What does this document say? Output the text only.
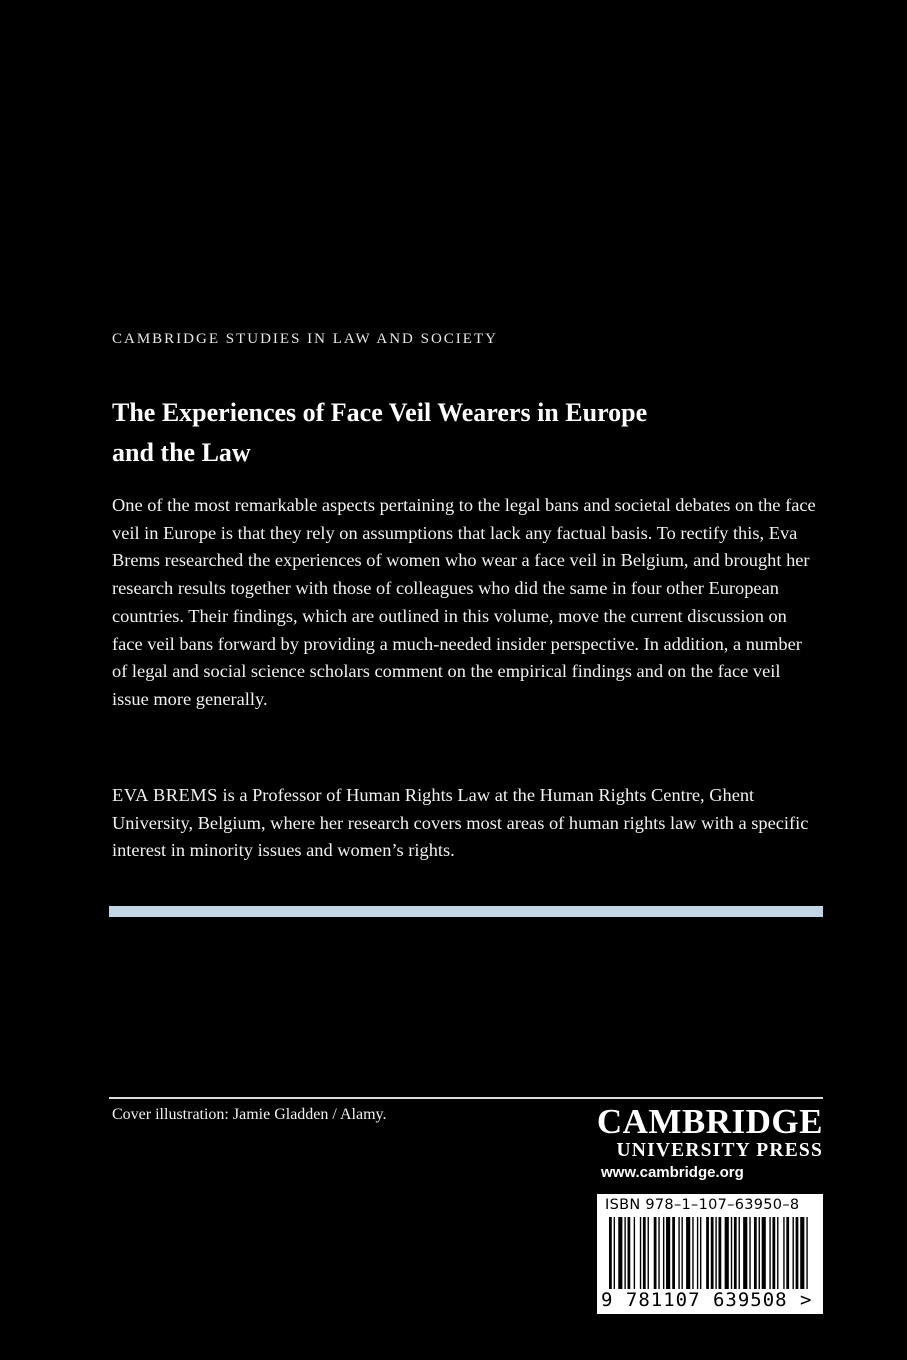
CAMBRIDGE STUDIES IN LAW AND SOCIETY
The Experiences of Face Veil Wearers in Europe
and the Law

One of the most remarkable aspects pertaining to the legal bans and societal debates on the face veil in Europe is that they rely on assumptions that lack any factual basis. To rectify this, Eva Brems researched the experiences of women who wear a face veil in Belgium, and brought her research results together with those of colleagues who did the same in four other European countries. Their findings, which are outlined in this volume, move the current discussion on face veil bans forward by providing a much-needed insider perspective. In addition, a number of legal and social science scholars comment on the empirical findings and on the face veil issue more generally.

EVA BREMS is a Professor of Human Rights Law at the Human Rights Centre, Ghent University, Belgium, where her research covers most areas of human rights law with a specific interest in minority issues and women’s rights.

Cover illustration: Jamie Gladden / Alamy.	CAMBRIDGE
UNIVERSITY PRESS
www.cambridge.org
ISBN 978–1–107–63950–8
9 781107 639508 >
